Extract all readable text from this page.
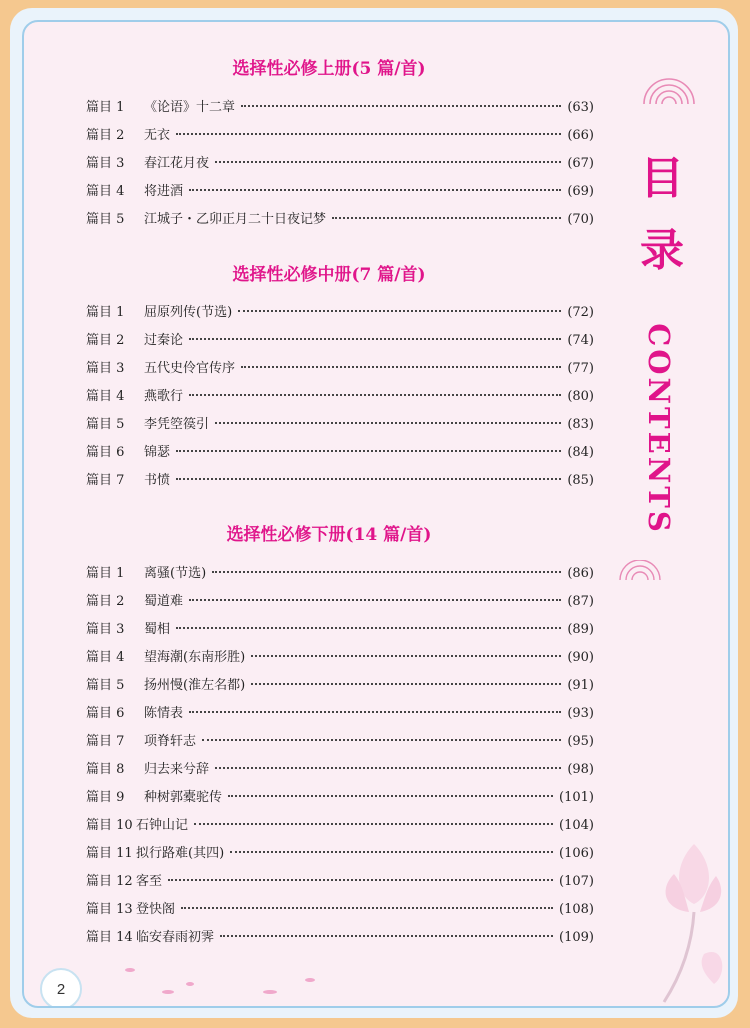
选择性必修上册(5 篇/首)
篇目 1	《论语》十二章	(63)
篇目 2	无衣	(66)
篇目 3	春江花月夜	(67)
篇目 4	将进酒	(69)
篇目 5	江城子・乙卯正月二十日夜记梦	(70)
选择性必修中册(7 篇/首)
篇目 1	屈原列传(节选)	(72)
篇目 2	过秦论	(74)
篇目 3	五代史伶官传序	(77)
篇目 4	燕歌行	(80)
篇目 5	李凭箜篌引	(83)
篇目 6	锦瑟	(84)
篇目 7	书愤	(85)
选择性必修下册(14 篇/首)
篇目 1	离骚(节选)	(86)
篇目 2	蜀道难	(87)
篇目 3	蜀相	(89)
篇目 4	望海潮(东南形胜)	(90)
篇目 5	扬州慢(淮左名都)	(91)
篇目 6	陈情表	(93)
篇目 7	项脊轩志	(95)
篇目 8	归去来兮辞	(98)
篇目 9	种树郭橐驼传	(101)
篇目 10 石钟山记	(104)
篇目 11 拟行路难(其四)	(106)
篇目 12 客至	(107)
篇目 13 登快阁	(108)
篇目 14 临安春雨初霁	(109)
目
录
CONTENTS
2
